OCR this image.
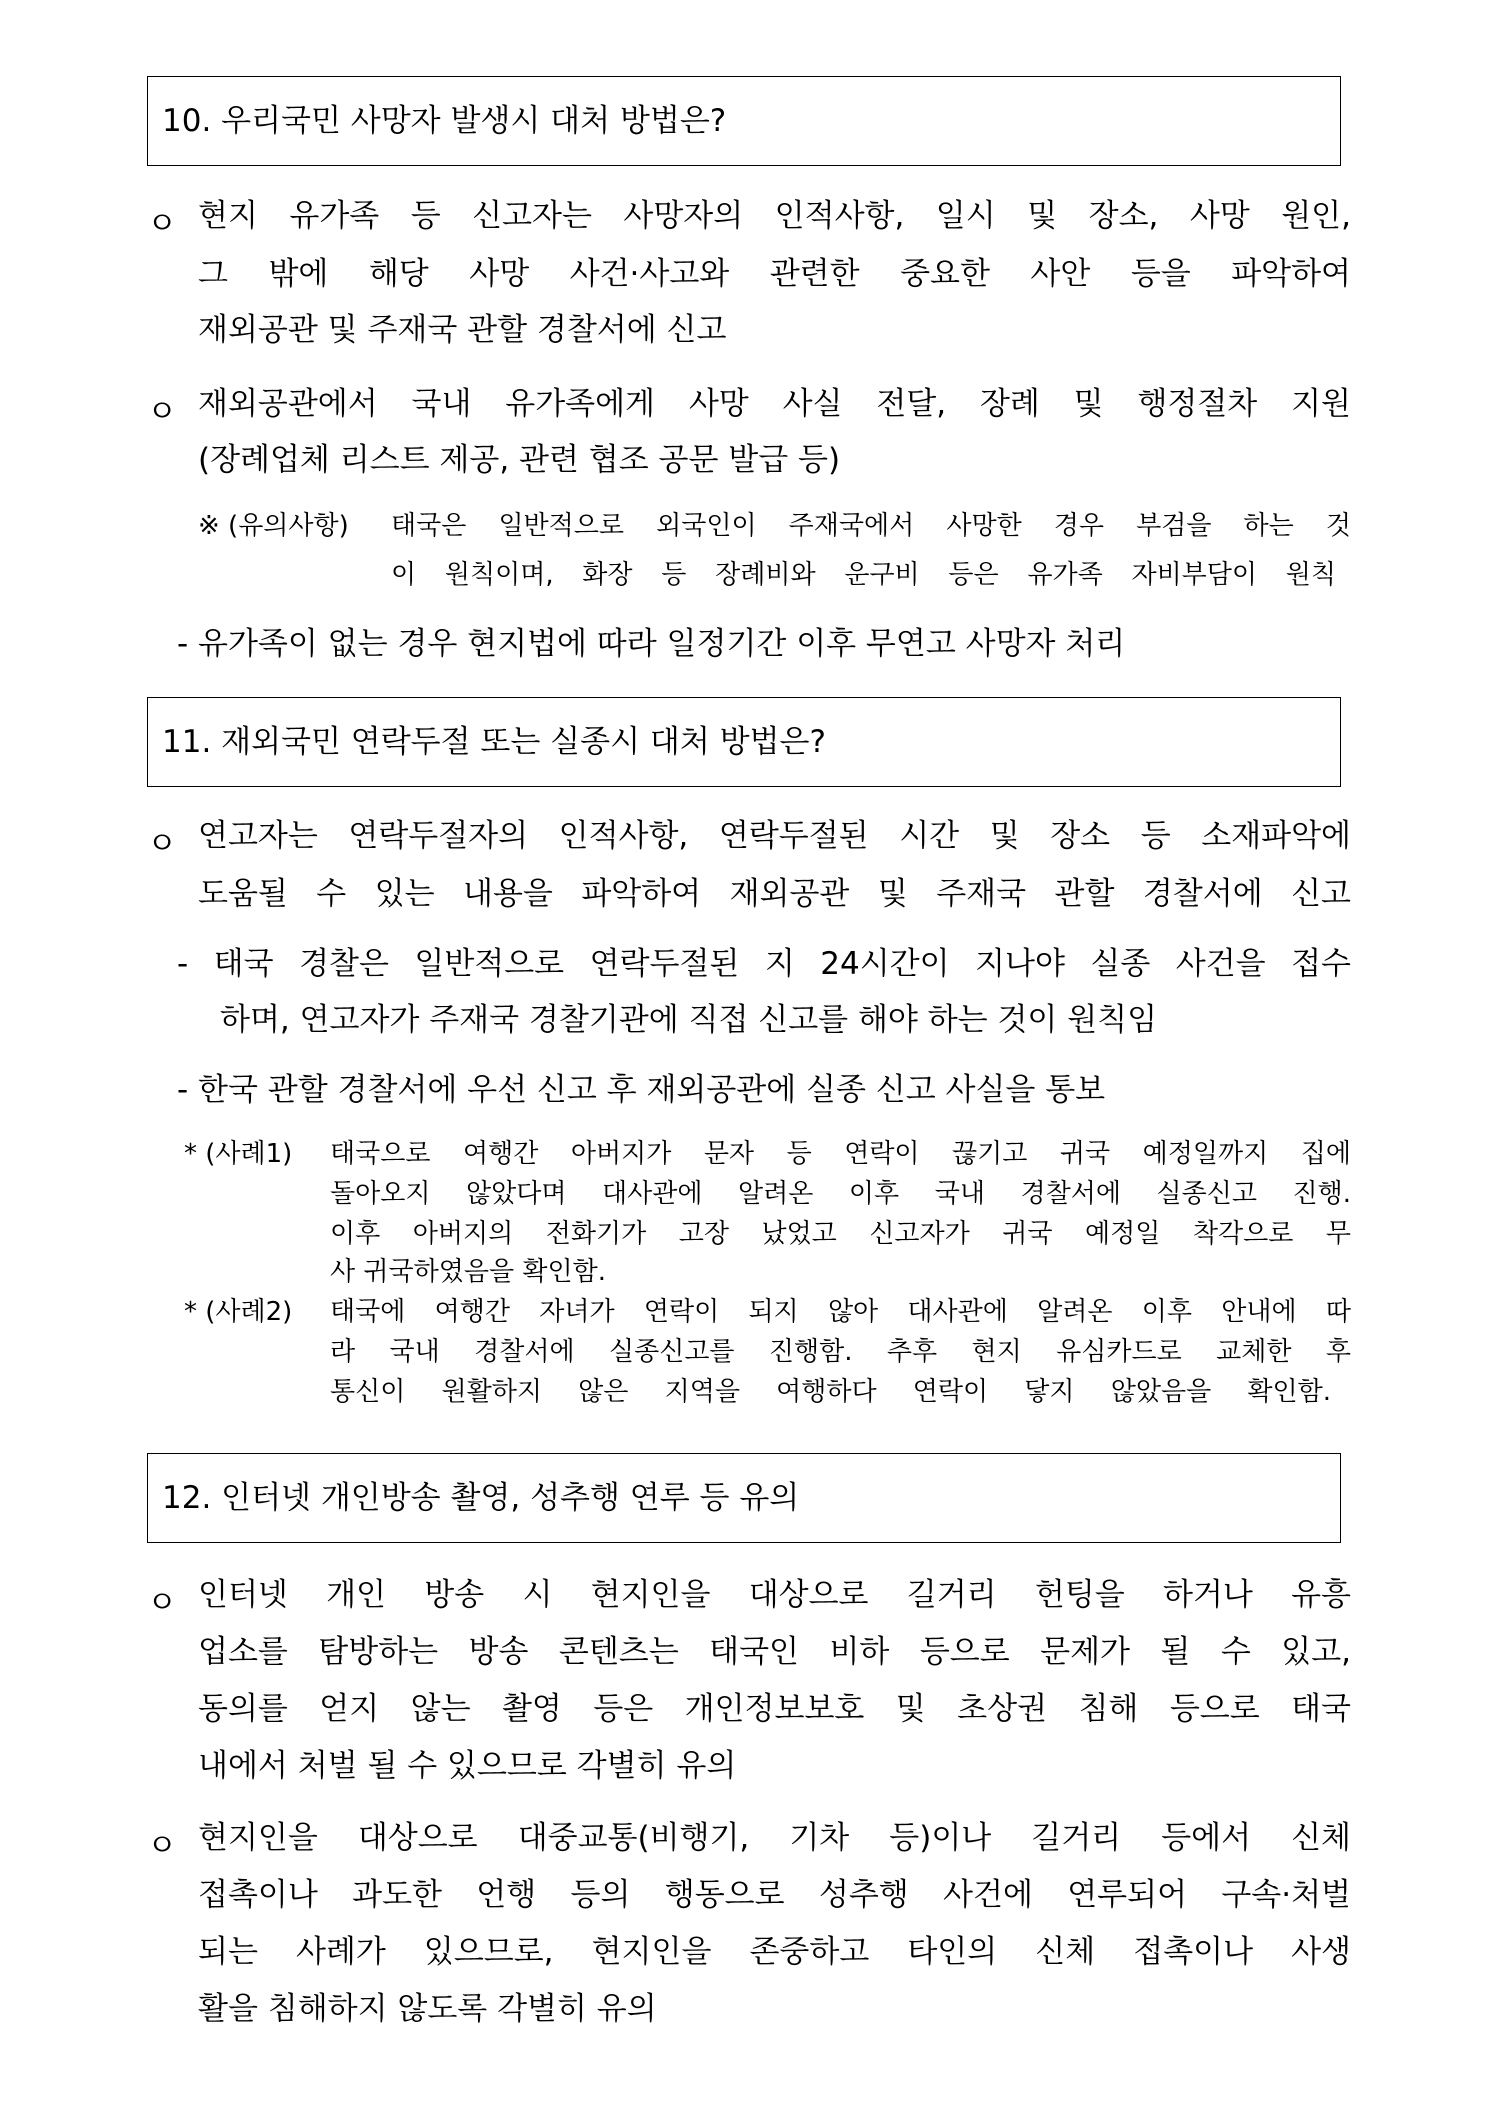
10. 우리국민 사망자 발생시 대처 방법은?
ㅇ 현지 유가족 등 신고자는 사망자의 인적사항, 일시 및 장소, 사망 원인,
그 밖에 해당 사망 사건·사고와 관련한 중요한 사안 등을 파악하여
재외공관 및 주재국 관할 경찰서에 신고
ㅇ 재외공관에서 국내 유가족에게 사망 사실 전달, 장례 및 행정절차 지원
(장례업체 리스트 제공, 관련 협조 공문 발급 등)
※ (유의사항) 태국은 일반적으로 외국인이 주재국에서 사망한 경우 부검을 하는 것
이 원칙이며, 화장 등 장례비와 운구비 등은 유가족 자비부담이 원칙
- 유가족이 없는 경우 현지법에 따라 일정기간 이후 무연고 사망자 처리
11. 재외국민 연락두절 또는 실종시 대처 방법은?
ㅇ 연고자는 연락두절자의 인적사항, 연락두절된 시간 및 장소 등 소재파악에
도움될 수 있는 내용을 파악하여 재외공관 및 주재국 관할 경찰서에 신고
- 태국 경찰은 일반적으로 연락두절된 지 24시간이 지나야 실종 사건을 접수
하며, 연고자가 주재국 경찰기관에 직접 신고를 해야 하는 것이 원칙임
- 한국 관할 경찰서에 우선 신고 후 재외공관에 실종 신고 사실을 통보
* (사례1) 태국으로 여행간 아버지가 문자 등 연락이 끊기고 귀국 예정일까지 집에
돌아오지 않았다며 대사관에 알려온 이후 국내 경찰서에 실종신고 진행.
이후 아버지의 전화기가 고장 났었고 신고자가 귀국 예정일 착각으로 무
사 귀국하였음을 확인함.
* (사례2) 태국에 여행간 자녀가 연락이 되지 않아 대사관에 알려온 이후 안내에 따
라 국내 경찰서에 실종신고를 진행함. 추후 현지 유심카드로 교체한 후
통신이 원활하지 않은 지역을 여행하다 연락이 닿지 않았음을 확인함.
12. 인터넷 개인방송 촬영, 성추행 연루 등 유의
ㅇ 인터넷 개인 방송 시 현지인을 대상으로 길거리 헌팅을 하거나 유흥
업소를 탐방하는 방송 콘텐츠는 태국인 비하 등으로 문제가 될 수 있고,
동의를 얻지 않는 촬영 등은 개인정보보호 및 초상권 침해 등으로 태국
내에서 처벌 될 수 있으므로 각별히 유의
ㅇ 현지인을 대상으로 대중교통(비행기, 기차 등)이나 길거리 등에서 신체
접촉이나 과도한 언행 등의 행동으로 성추행 사건에 연루되어 구속·처벌
되는 사례가 있으므로, 현지인을 존중하고 타인의 신체 접촉이나 사생
활을 침해하지 않도록 각별히 유의
